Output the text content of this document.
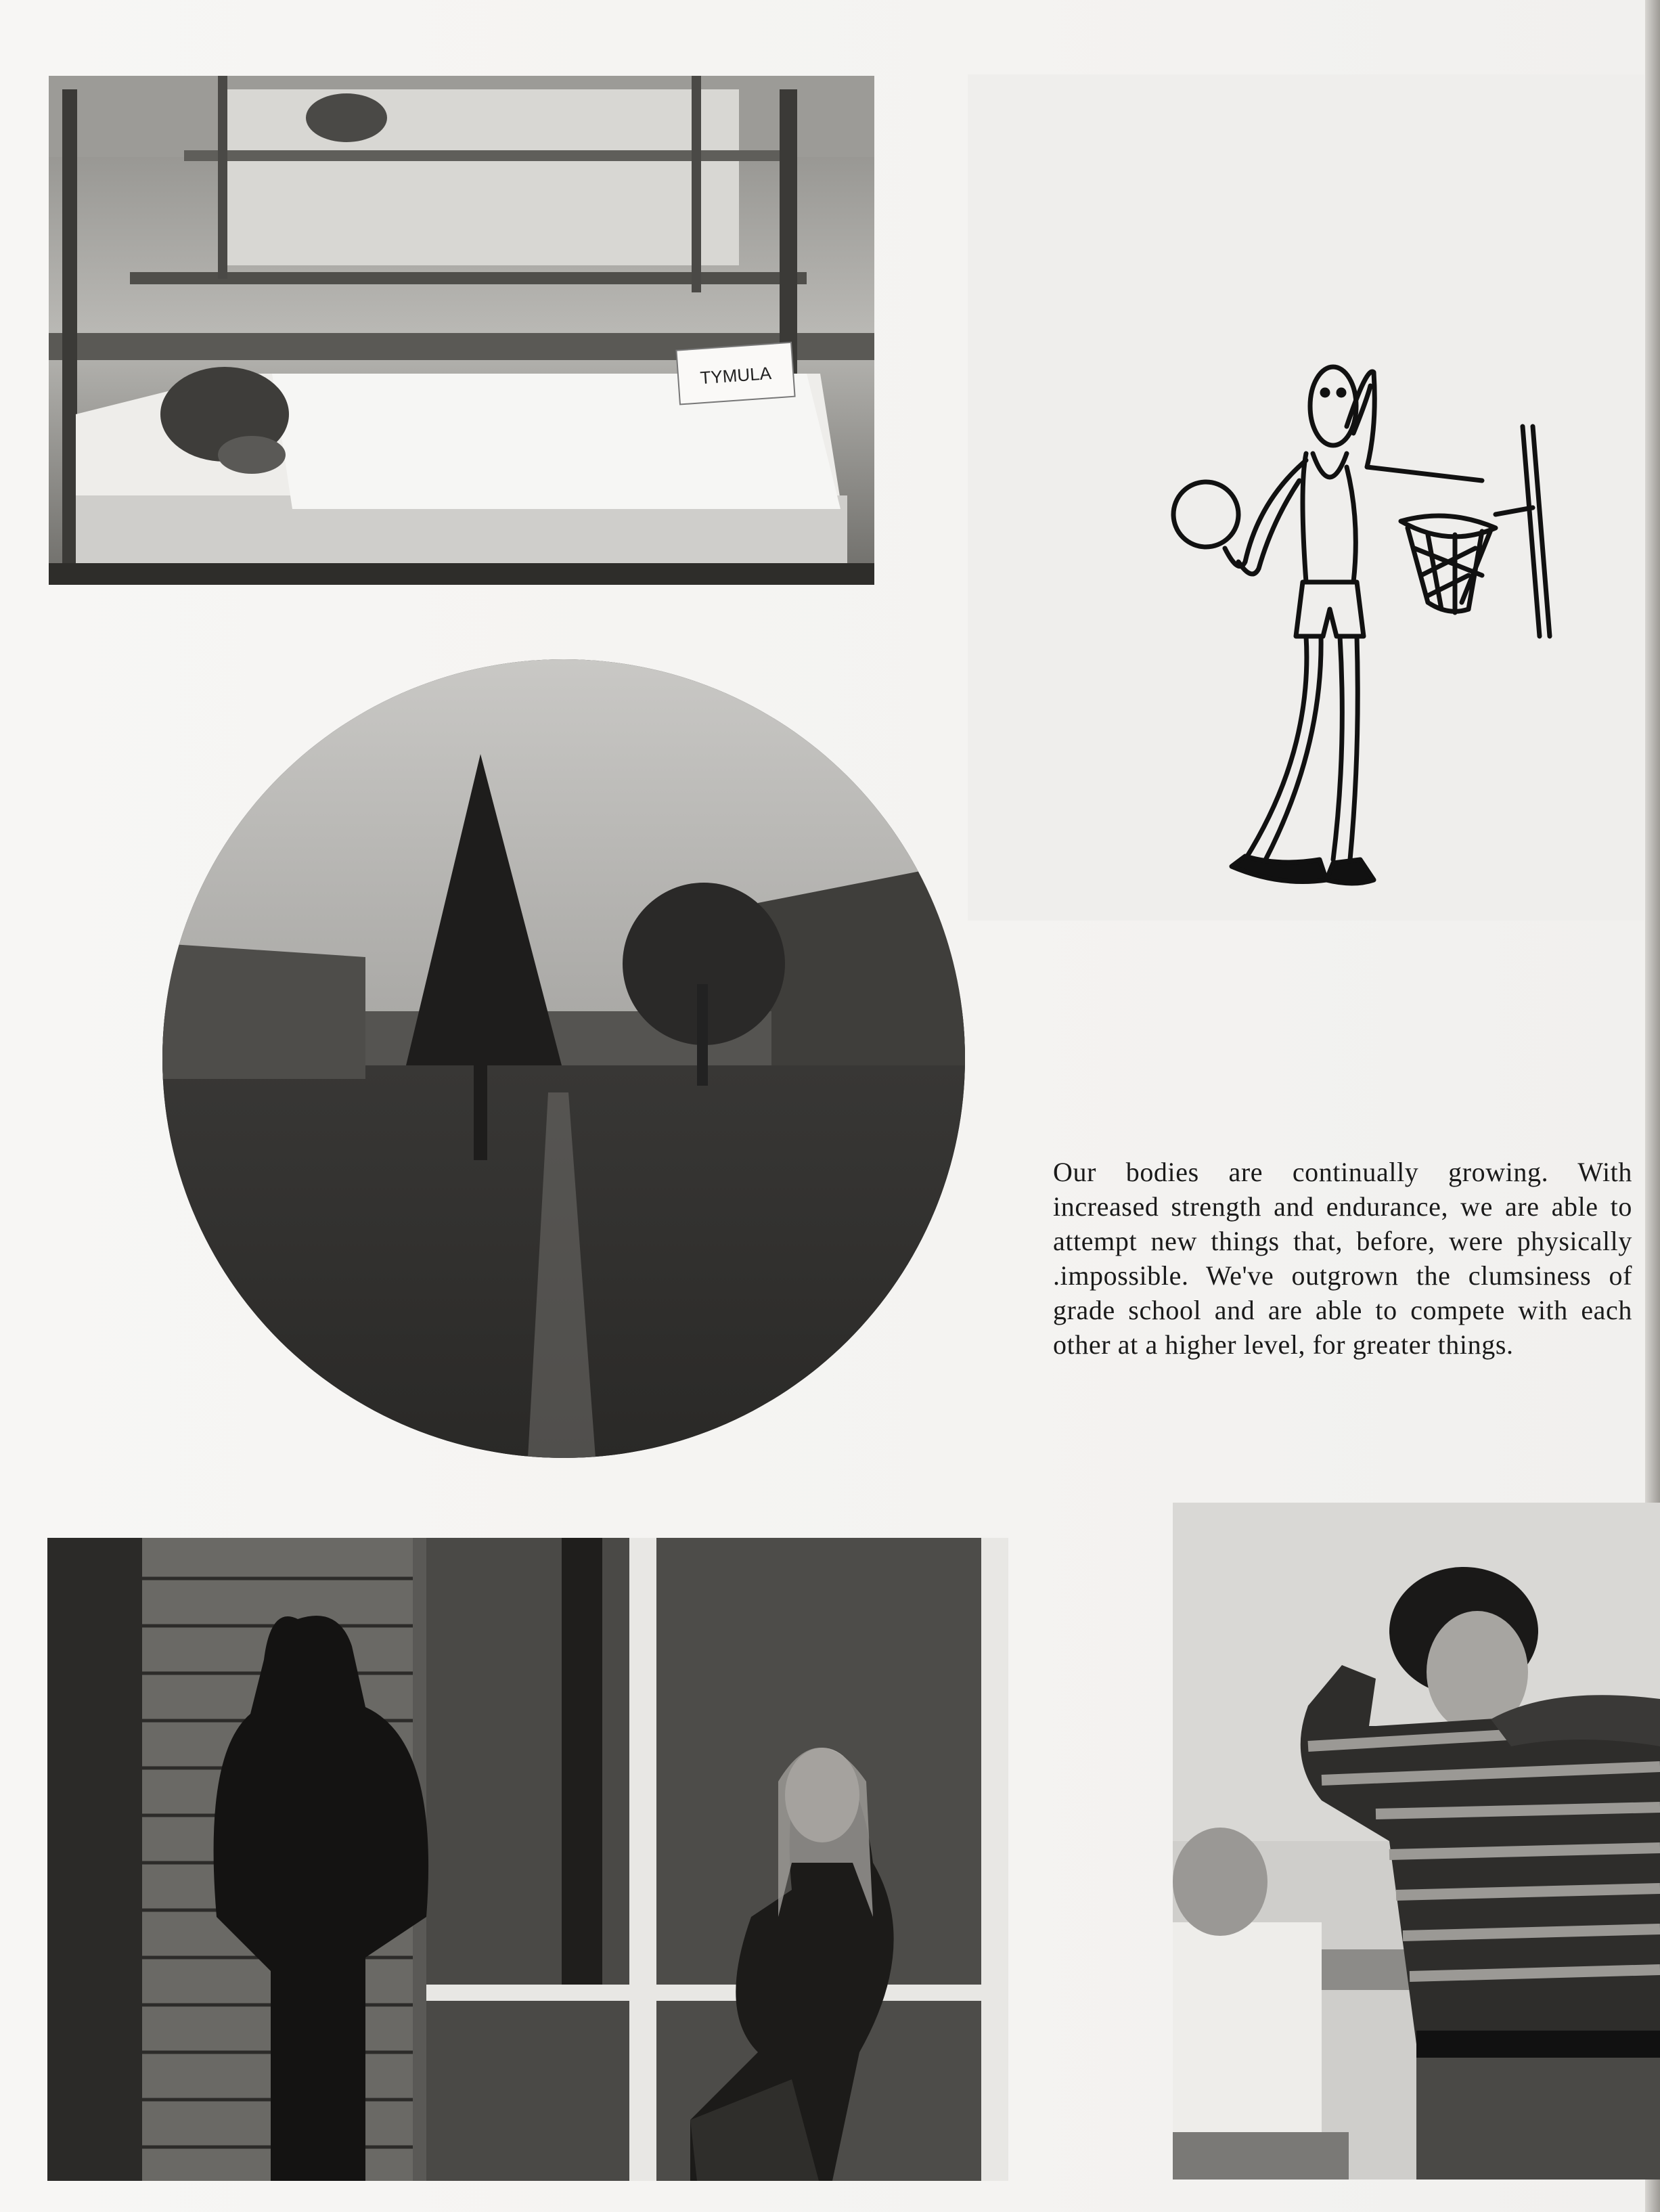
TYMULA

Our bodies are continually growing. With increased strength and endurance, we are able to attempt new things that, before, were physically .impossible. We've outgrown the clumsiness of grade school and are able to compete with each other at a higher level, for greater things.
